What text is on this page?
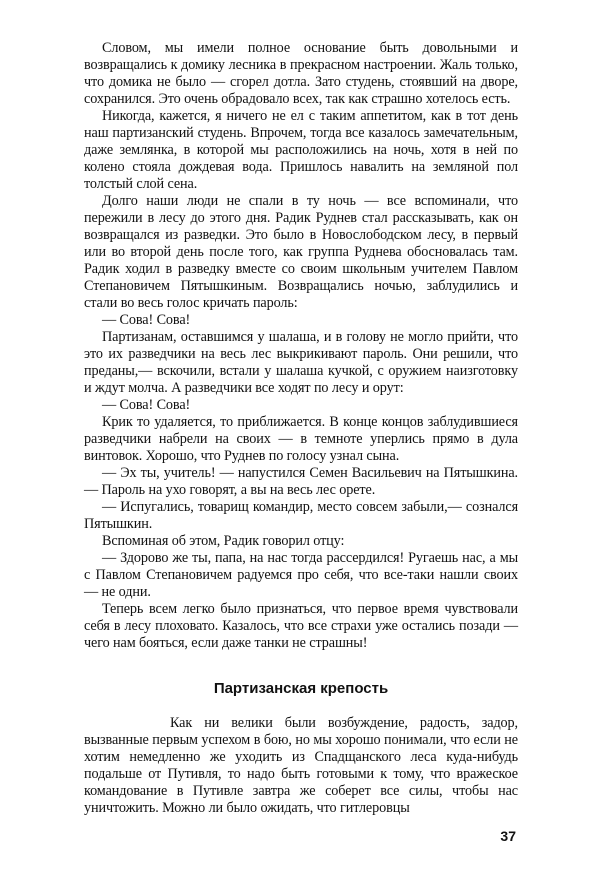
Словом, мы имели полное основание быть довольными и возвращались к домику лесника в прекрасном настроении. Жаль только, что домика не было — сгорел дотла. Зато студень, стоявший на дворе, сохранился. Это очень обрадовало всех, так как страшно хотелось есть.

Никогда, кажется, я ничего не ел с таким аппетитом, как в тот день наш партизанский студень. Впрочем, тогда все казалось замечательным, даже землянка, в которой мы расположились на ночь, хотя в ней по колено стояла дождевая вода. Пришлось навалить на земляной пол толстый слой сена.

Долго наши люди не спали в ту ночь — все вспоминали, что пережили в лесу до этого дня. Радик Руднев стал рассказывать, как он возвращался из разведки. Это было в Новослободском лесу, в первый или во второй день после того, как группа Руднева обосновалась там. Радик ходил в разведку вместе со своим школьным учителем Павлом Степановичем Пятышкиным. Возвращались ночью, заблудились и стали во весь голос кричать пароль:

— Сова! Сова!

Партизанам, оставшимся у шалаша, и в голову не могло прийти, что это их разведчики на весь лес выкрикивают пароль. Они решили, что преданы,— вскочили, встали у шалаша кучкой, с оружием наизготовку и ждут молча. А разведчики все ходят по лесу и орут:

— Сова! Сова!

Крик то удаляется, то приближается. В конце концов заблудившиеся разведчики набрели на своих — в темноте уперлись прямо в дула винтовок. Хорошо, что Руднев по голосу узнал сына.

— Эх ты, учитель! — напустился Семен Васильевич на Пятышкина.— Пароль на ухо говорят, а вы на весь лес орете.

— Испугались, товарищ командир, место совсем забыли,— сознался Пятышкин.

Вспоминая об этом, Радик говорил отцу:

— Здорово же ты, папа, на нас тогда рассердился! Ругаешь нас, а мы с Павлом Степановичем радуемся про себя, что все-таки нашли своих — не одни.

Теперь всем легко было признаться, что первое время чувствовали себя в лесу плоховато. Казалось, что все страхи уже остались позади — чего нам бояться, если даже танки не страшны!

Партизанская крепость

Как ни велики были возбуждение, радость, задор, вызванные первым успехом в бою, но мы хорошо понимали, что если не хотим немедленно же уходить из Спадщанского леса куда-нибудь подальше от Путивля, то надо быть готовыми к тому, что вражеское командование в Путивле завтра же соберет все силы, чтобы нас уничтожить. Можно ли было ожидать, что гитлеровцы

37
